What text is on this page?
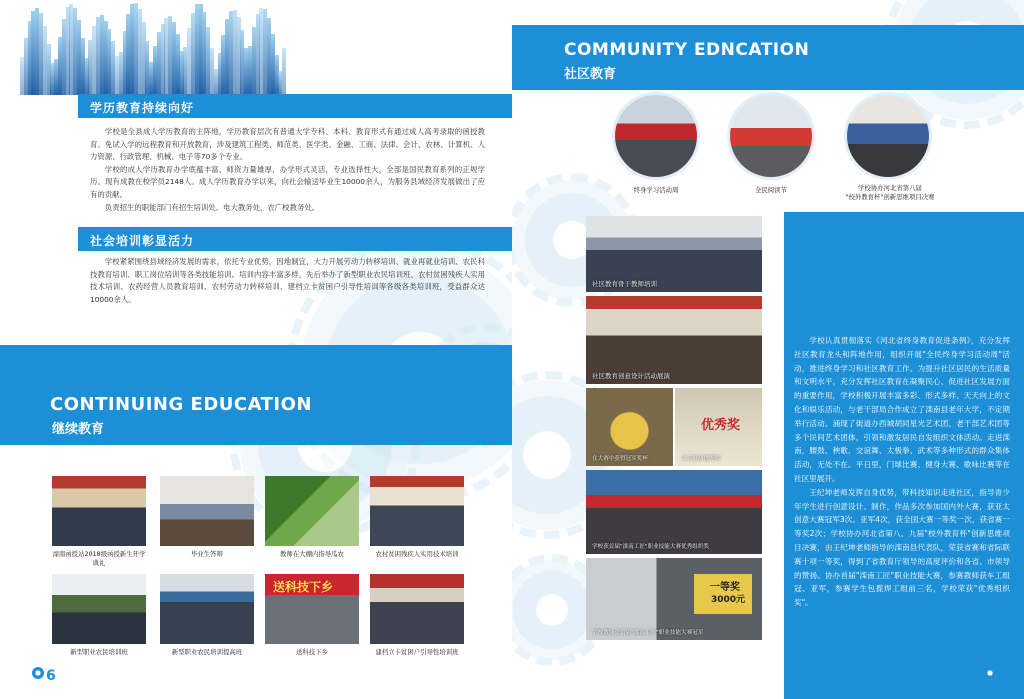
学历教育持续向好

学校是全县成人学历教育的主阵地，学历教育层次有普通大学专科、本科、教育形式有通过成人高考录取的函授教育、免试入学的远程教育和开放教育，涉及建筑工程类、师范类、医学类、金融、工商、法律、会计、农林、计算机、人力资源、行政管理、机械、电子等70多个专业。

学校的成人学历教育办学底蕴丰富、师资力量雄厚，办学形式灵活，专业选择性大，全部是国民教育系列的正规学历。现有成教在校学员2148人。成人学历教育办学以来，向社会输送毕业生10000余人，为服务县域经济发展做出了应有的贡献。

负责招生的职能部门有招生培训处、电大教务处、农广校教务处。

社会培训彰显活力

学校紧紧围绕县域经济发展的需求，依托专业优势，因地制宜，大力开展劳动力转移培训、就业再就业培训、农民科技教育培训、职工岗位培训等各类技能培训。培训内容丰富多样，先后举办了新型职业农民培训班、农村贫困残疾人实用技术培训、农药经营人员教育培训、农村劳动力转移培训、建档立卡贫困户引导性培训等各级各类培训班，受益群众达10000余人。

CONTINUING EDUCATION
继续教育
滦南函授站2018级函授新生开学典礼
毕业生答辩	教师在大棚内指导瓜农	农村贫困残疾人实用技术培训
送科技下乡
新型职业农民培训班	新型职业农民培训提高班	送科技下乡	建档立卡贫困户引导性培训班
6
COMMUNITY EDNCATION
社区教育
终身学习活动周	全民阅读节	学校协办河北省第八届
"校外教育杯"创新思维项目决赛
社区教育骨干教师培训
社区教育创意设计活动展演
在大赛中获得冠军奖杯
优秀奖
文艺展演优秀奖
学校获首届"滦南工匠"职业技能大赛优秀组织奖
一等奖
3000元
学校教师获首届"滦南工匠"职业技能大赛冠军

学校认真贯彻落实《河北省终身教育促进条例》，充分发挥社区教育龙头和阵地作用，组织开展"全民终身学习活动周"活动，推进终身学习和社区教育工作。为提升社区居民的生活质量和文明水平，充分发挥社区教育在凝聚民心、促进社区发展方面的重要作用，学校积极开展丰富多彩、形式多样、天天向上的文化和娱乐活动，与老干部局合作成立了滦南县老年大学，不定期举行活动。涌现了街道办西城胡同星光艺术团、老干部艺术团等多个民间艺术团体，引领和激发居民自发组织文体活动。走进滦南，腰鼓、秧歌、交谊舞、太极拳、武术等多种形式的群众集体活动，无处不在。平日里，门球比赛、健身大赛、歌咏比赛等在社区里展开。

王纪坤老师发挥自身优势，带科技知识走进社区，指导青少年学生进行创意设计、制作，作品多次参加国内外大赛，获亚太创意大赛冠军3次、亚军4次，获全国大赛一等奖一次，获省赛一等奖2次；学校协办河北省第八、九届"校外教育杯"创新思维项目决赛，由王纪坤老师指导的滦南县代表队，荣获省赛和省际联赛十项一等奖，得到了省教育厅领导的高度评价和各省、市领导的赞扬。协办首届"滦南工匠"职业技能大赛，参赛教师获车工组冠、亚军，参赛学生包揽焊工组前三名，学校荣获"优秀组织奖"。

7
